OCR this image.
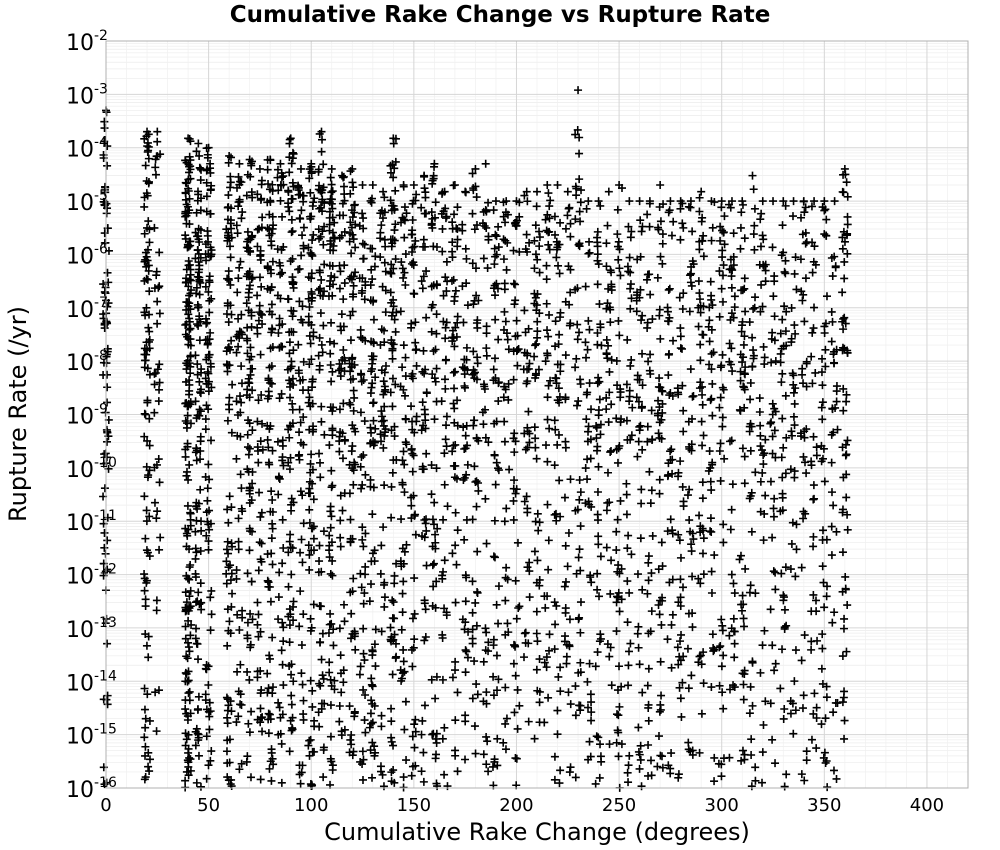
Cumulative Rake Change vs Rupture Rate
Rupture Rate (/yr)
Cumulative Rake Change (degrees)
0	50	100	150	200	250	300	350	400
$10^{-2}$
$10^{-3}$
$10^{-4}$
$10^{-5}$
$10^{-6}$
$10^{-7}$
$10^{-8}$
$10^{-9}$
$10^{-10}$
$10^{-11}$
$10^{-12}$
$10^{-13}$
$10^{-14}$
$10^{-15}$
$10^{-16}$
